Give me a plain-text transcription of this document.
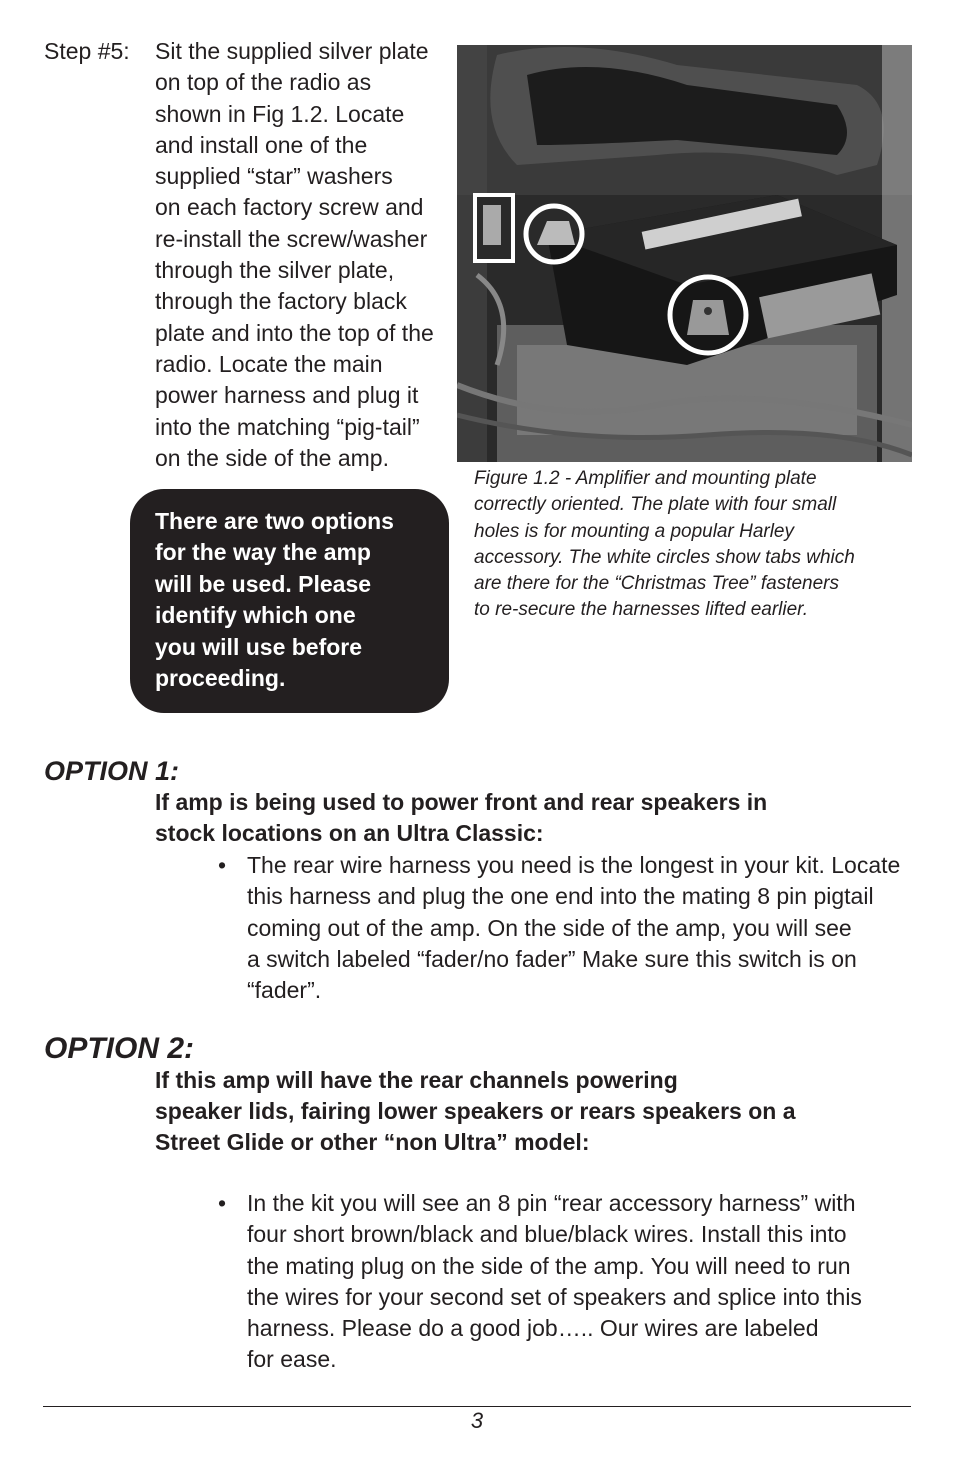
Step #5: Sit the supplied silver plate
on top of the radio as
shown in Fig 1.2. Locate
and install one of the
supplied “star” washers
on each factory screw and
re-install the screw/washer
through the silver plate,
through the factory black
plate and into the top of the
radio. Locate the main
power harness and plug it
into the matching “pig-tail”
on the side of the amp.
There are two options
for the way the amp
will be used. Please
identify which one
you will use before
proceeding.
Figure 1.2 - Amplifier and mounting plate
correctly oriented. The plate with four small
holes is for mounting a popular Harley
accessory. The white circles show tabs which
are there for the “Christmas Tree” fasteners
to re-secure the harnesses lifted earlier.
OPTION 1:
If amp is being used to power front and rear speakers in
stock locations on an Ultra Classic:
• The rear wire harness you need is the longest in your kit. Locate
this harness and plug the one end into the mating 8 pin pigtail
coming out of the amp. On the side of the amp, you will see
a switch labeled “fader/no fader” Make sure this switch is on
“fader”.
OPTION 2:
If this amp will have the rear channels powering
speaker lids, fairing lower speakers or rears speakers on a
Street Glide or other “non Ultra” model:
• In the kit you will see an 8 pin “rear accessory harness” with
four short brown/black and blue/black wires. Install this into
the mating plug on the side of the amp. You will need to run
the wires for your second set of speakers and splice into this
harness. Please do a good job….. Our wires are labeled
for ease.
3
